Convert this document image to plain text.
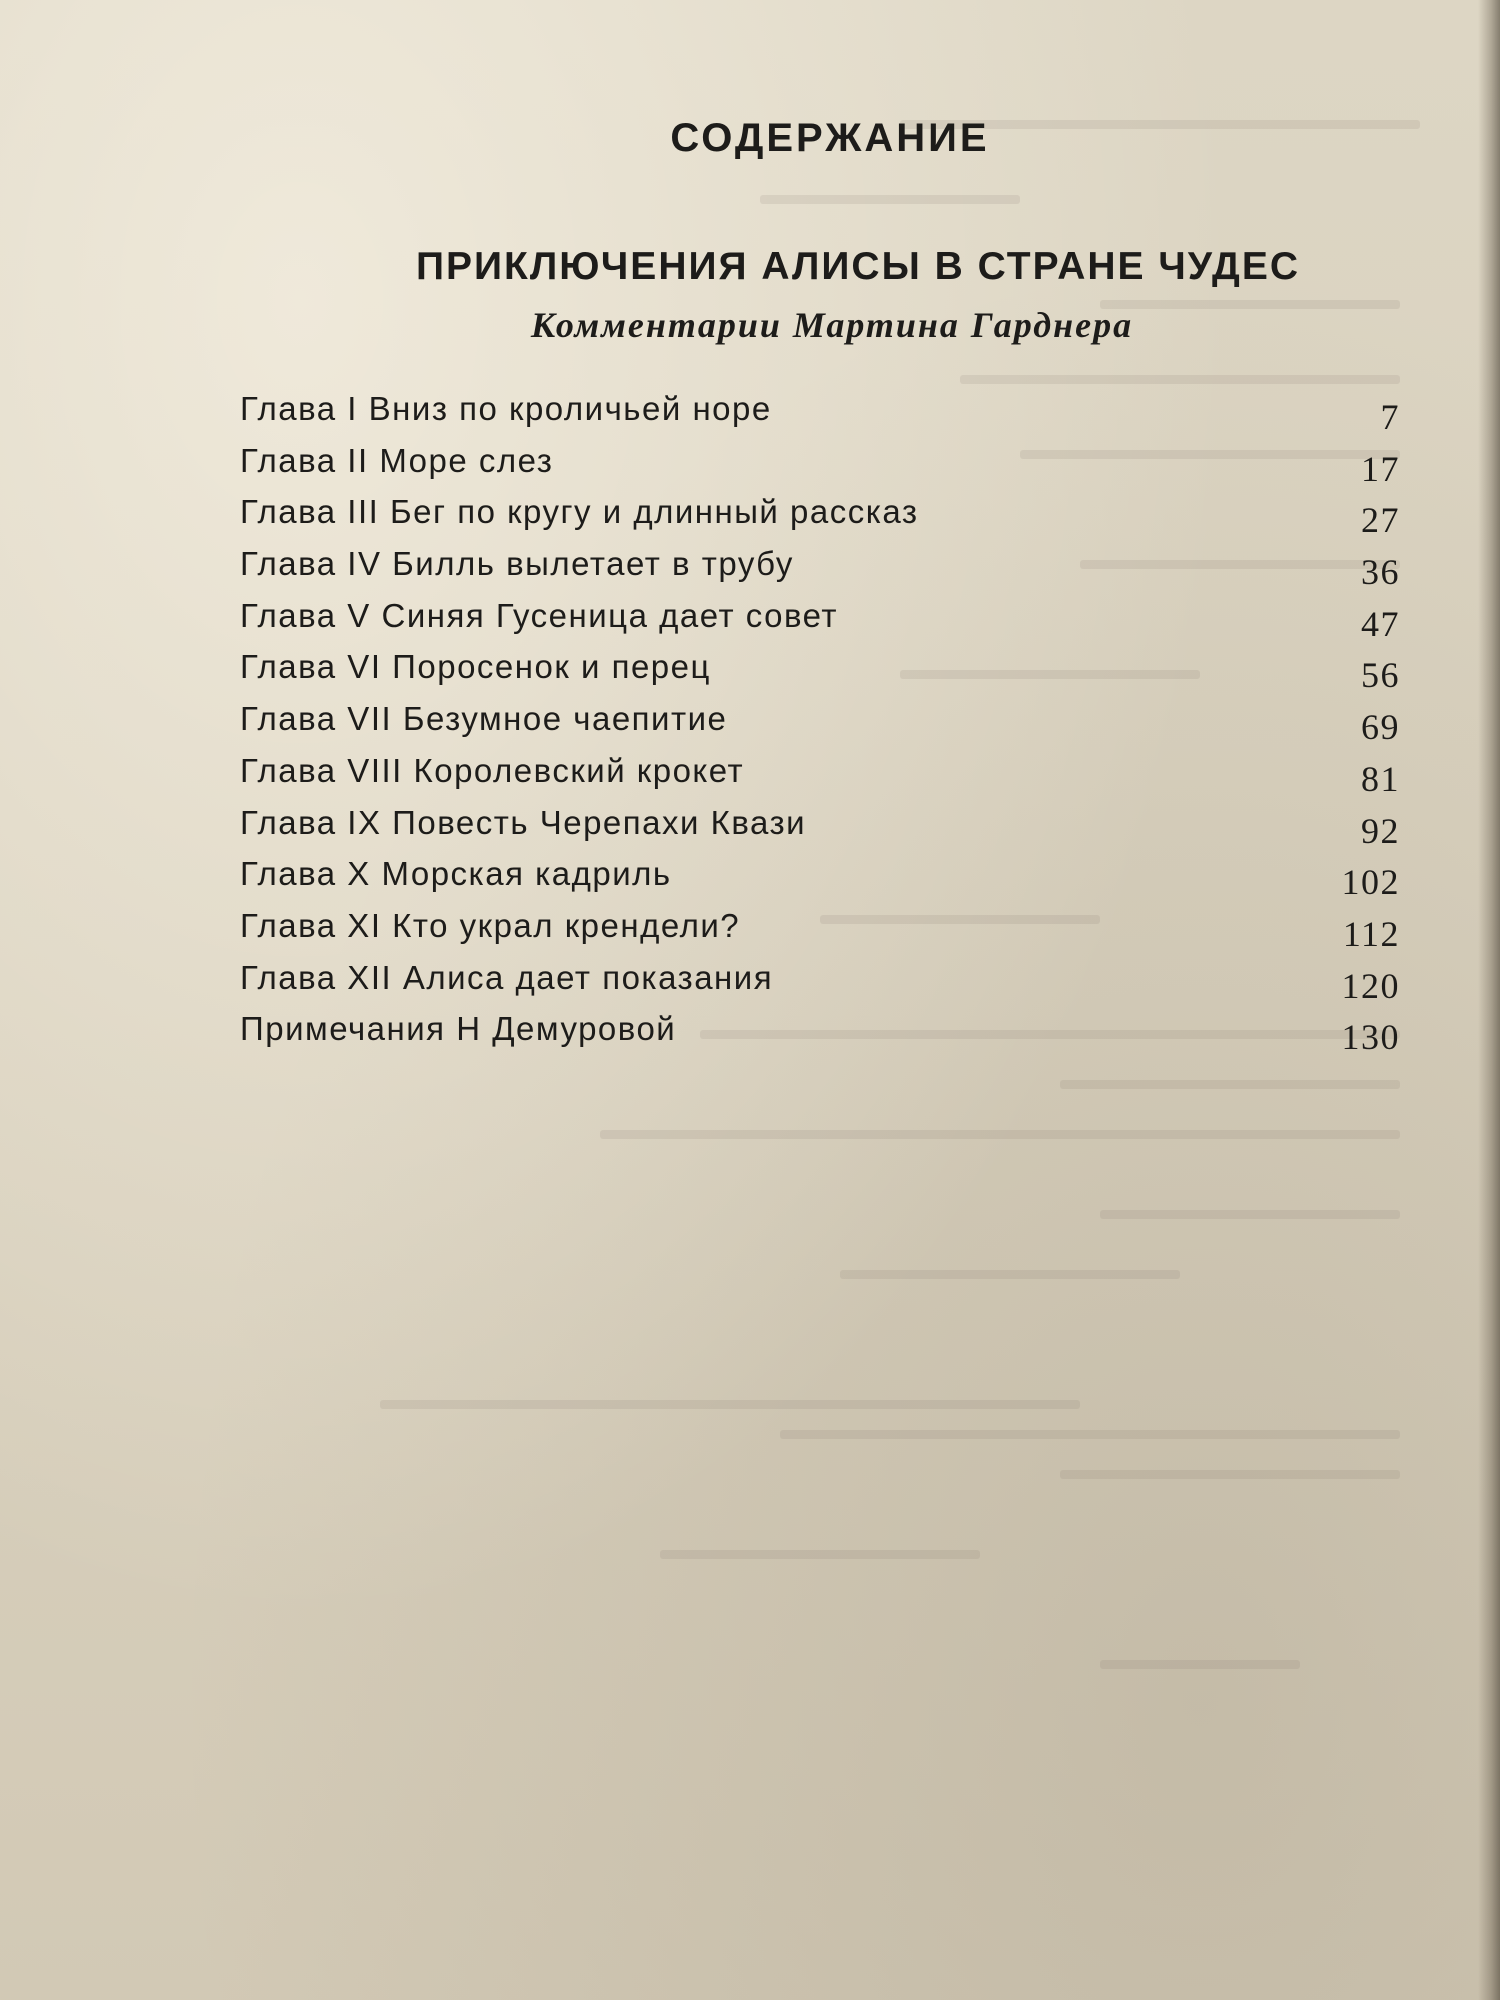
СОДЕРЖАНИЕ
ПРИКЛЮЧЕНИЯ АЛИСЫ В СТРАНЕ ЧУДЕС
Комментарии Мартина Гарднера
Глава I Вниз по кроличьей норе	7
Глава II Море слез	17
Глава III Бег по кругу и длинный рассказ	27
Глава IV Билль вылетает в трубу	36
Глава V Синяя Гусеница дает совет	47
Глава VI Поросенок и перец	56
Глава VII Безумное чаепитие	69
Глава VIII Королевский крокет	81
Глава IX Повесть Черепахи Квази	92
Глава X Морская кадриль	102
Глава XI Кто украл крендели?	112
Глава XII Алиса дает показания	120
Примечания Н Демуровой	130
